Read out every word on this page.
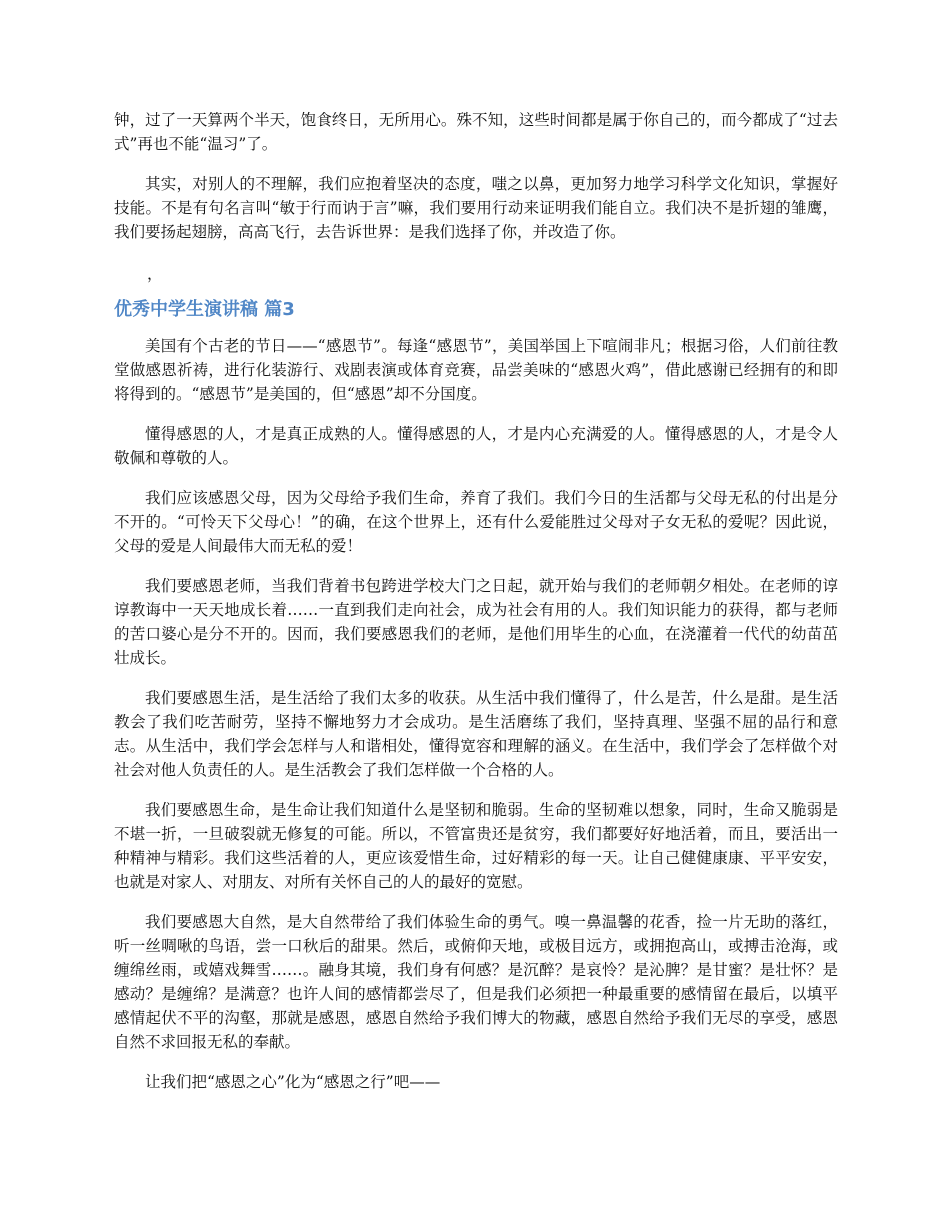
钟，过了一天算两个半天，饱食终日，无所用心。殊不知，这些时间都是属于你自己的，而今都成了“过去式”再也不能“温习”了。

其实，对别人的不理解，我们应抱着坚决的态度，嗤之以鼻，更加努力地学习科学文化知识，掌握好技能。不是有句名言叫“敏于行而讷于言”嘛，我们要用行动来证明我们能自立。我们决不是折翅的雏鹰，我们要扬起翅膀，高高飞行，去告诉世界：是我们选择了你，并改造了你。

，
优秀中学生演讲稿 篇3

美国有个古老的节日——“感恩节”。每逢“感恩节”，美国举国上下喧闹非凡；根据习俗，人们前往教堂做感恩祈祷，进行化装游行、戏剧表演或体育竞赛，品尝美味的“感恩火鸡”，借此感谢已经拥有的和即将得到的。“感恩节”是美国的，但“感恩”却不分国度。

懂得感恩的人，才是真正成熟的人。懂得感恩的人，才是内心充满爱的人。懂得感恩的人，才是令人敬佩和尊敬的人。

我们应该感恩父母，因为父母给予我们生命，养育了我们。我们今日的生活都与父母无私的付出是分不开的。“可怜天下父母心！”的确，在这个世界上，还有什么爱能胜过父母对子女无私的爱呢？因此说，父母的爱是人间最伟大而无私的爱！

我们要感恩老师，当我们背着书包跨进学校大门之日起，就开始与我们的老师朝夕相处。在老师的谆谆教诲中一天天地成长着……一直到我们走向社会，成为社会有用的人。我们知识能力的获得，都与老师的苦口婆心是分不开的。因而，我们要感恩我们的老师，是他们用毕生的心血，在浇灌着一代代的幼苗茁壮成长。

我们要感恩生活，是生活给了我们太多的收获。从生活中我们懂得了，什么是苦，什么是甜。是生活教会了我们吃苦耐劳，坚持不懈地努力才会成功。是生活磨练了我们，坚持真理、坚强不屈的品行和意志。从生活中，我们学会怎样与人和谐相处，懂得宽容和理解的涵义。在生活中，我们学会了怎样做个对社会对他人负责任的人。是生活教会了我们怎样做一个合格的人。

我们要感恩生命，是生命让我们知道什么是坚韧和脆弱。生命的坚韧难以想象，同时，生命又脆弱是不堪一折，一旦破裂就无修复的可能。所以，不管富贵还是贫穷，我们都要好好地活着，而且，要活出一种精神与精彩。我们这些活着的人，更应该爱惜生命，过好精彩的每一天。让自己健健康康、平平安安，也就是对家人、对朋友、对所有关怀自己的人的最好的宽慰。

我们要感恩大自然，是大自然带给了我们体验生命的勇气。嗅一鼻温馨的花香，捡一片无助的落红，听一丝啁啾的鸟语，尝一口秋后的甜果。然后，或俯仰天地，或极目远方，或拥抱高山，或搏击沧海，或缠绵丝雨，或嬉戏舞雪……。融身其境，我们身有何感？是沉醉？是哀怜？是沁脾？是甘蜜？是壮怀？是感动？是缠绵？是满意？也许人间的感情都尝尽了，但是我们必须把一种最重要的感情留在最后，以填平感情起伏不平的沟壑，那就是感恩，感恩自然给予我们博大的物藏，感恩自然给予我们无尽的享受，感恩自然不求回报无私的奉献。

让我们把“感恩之心”化为“感恩之行”吧——
